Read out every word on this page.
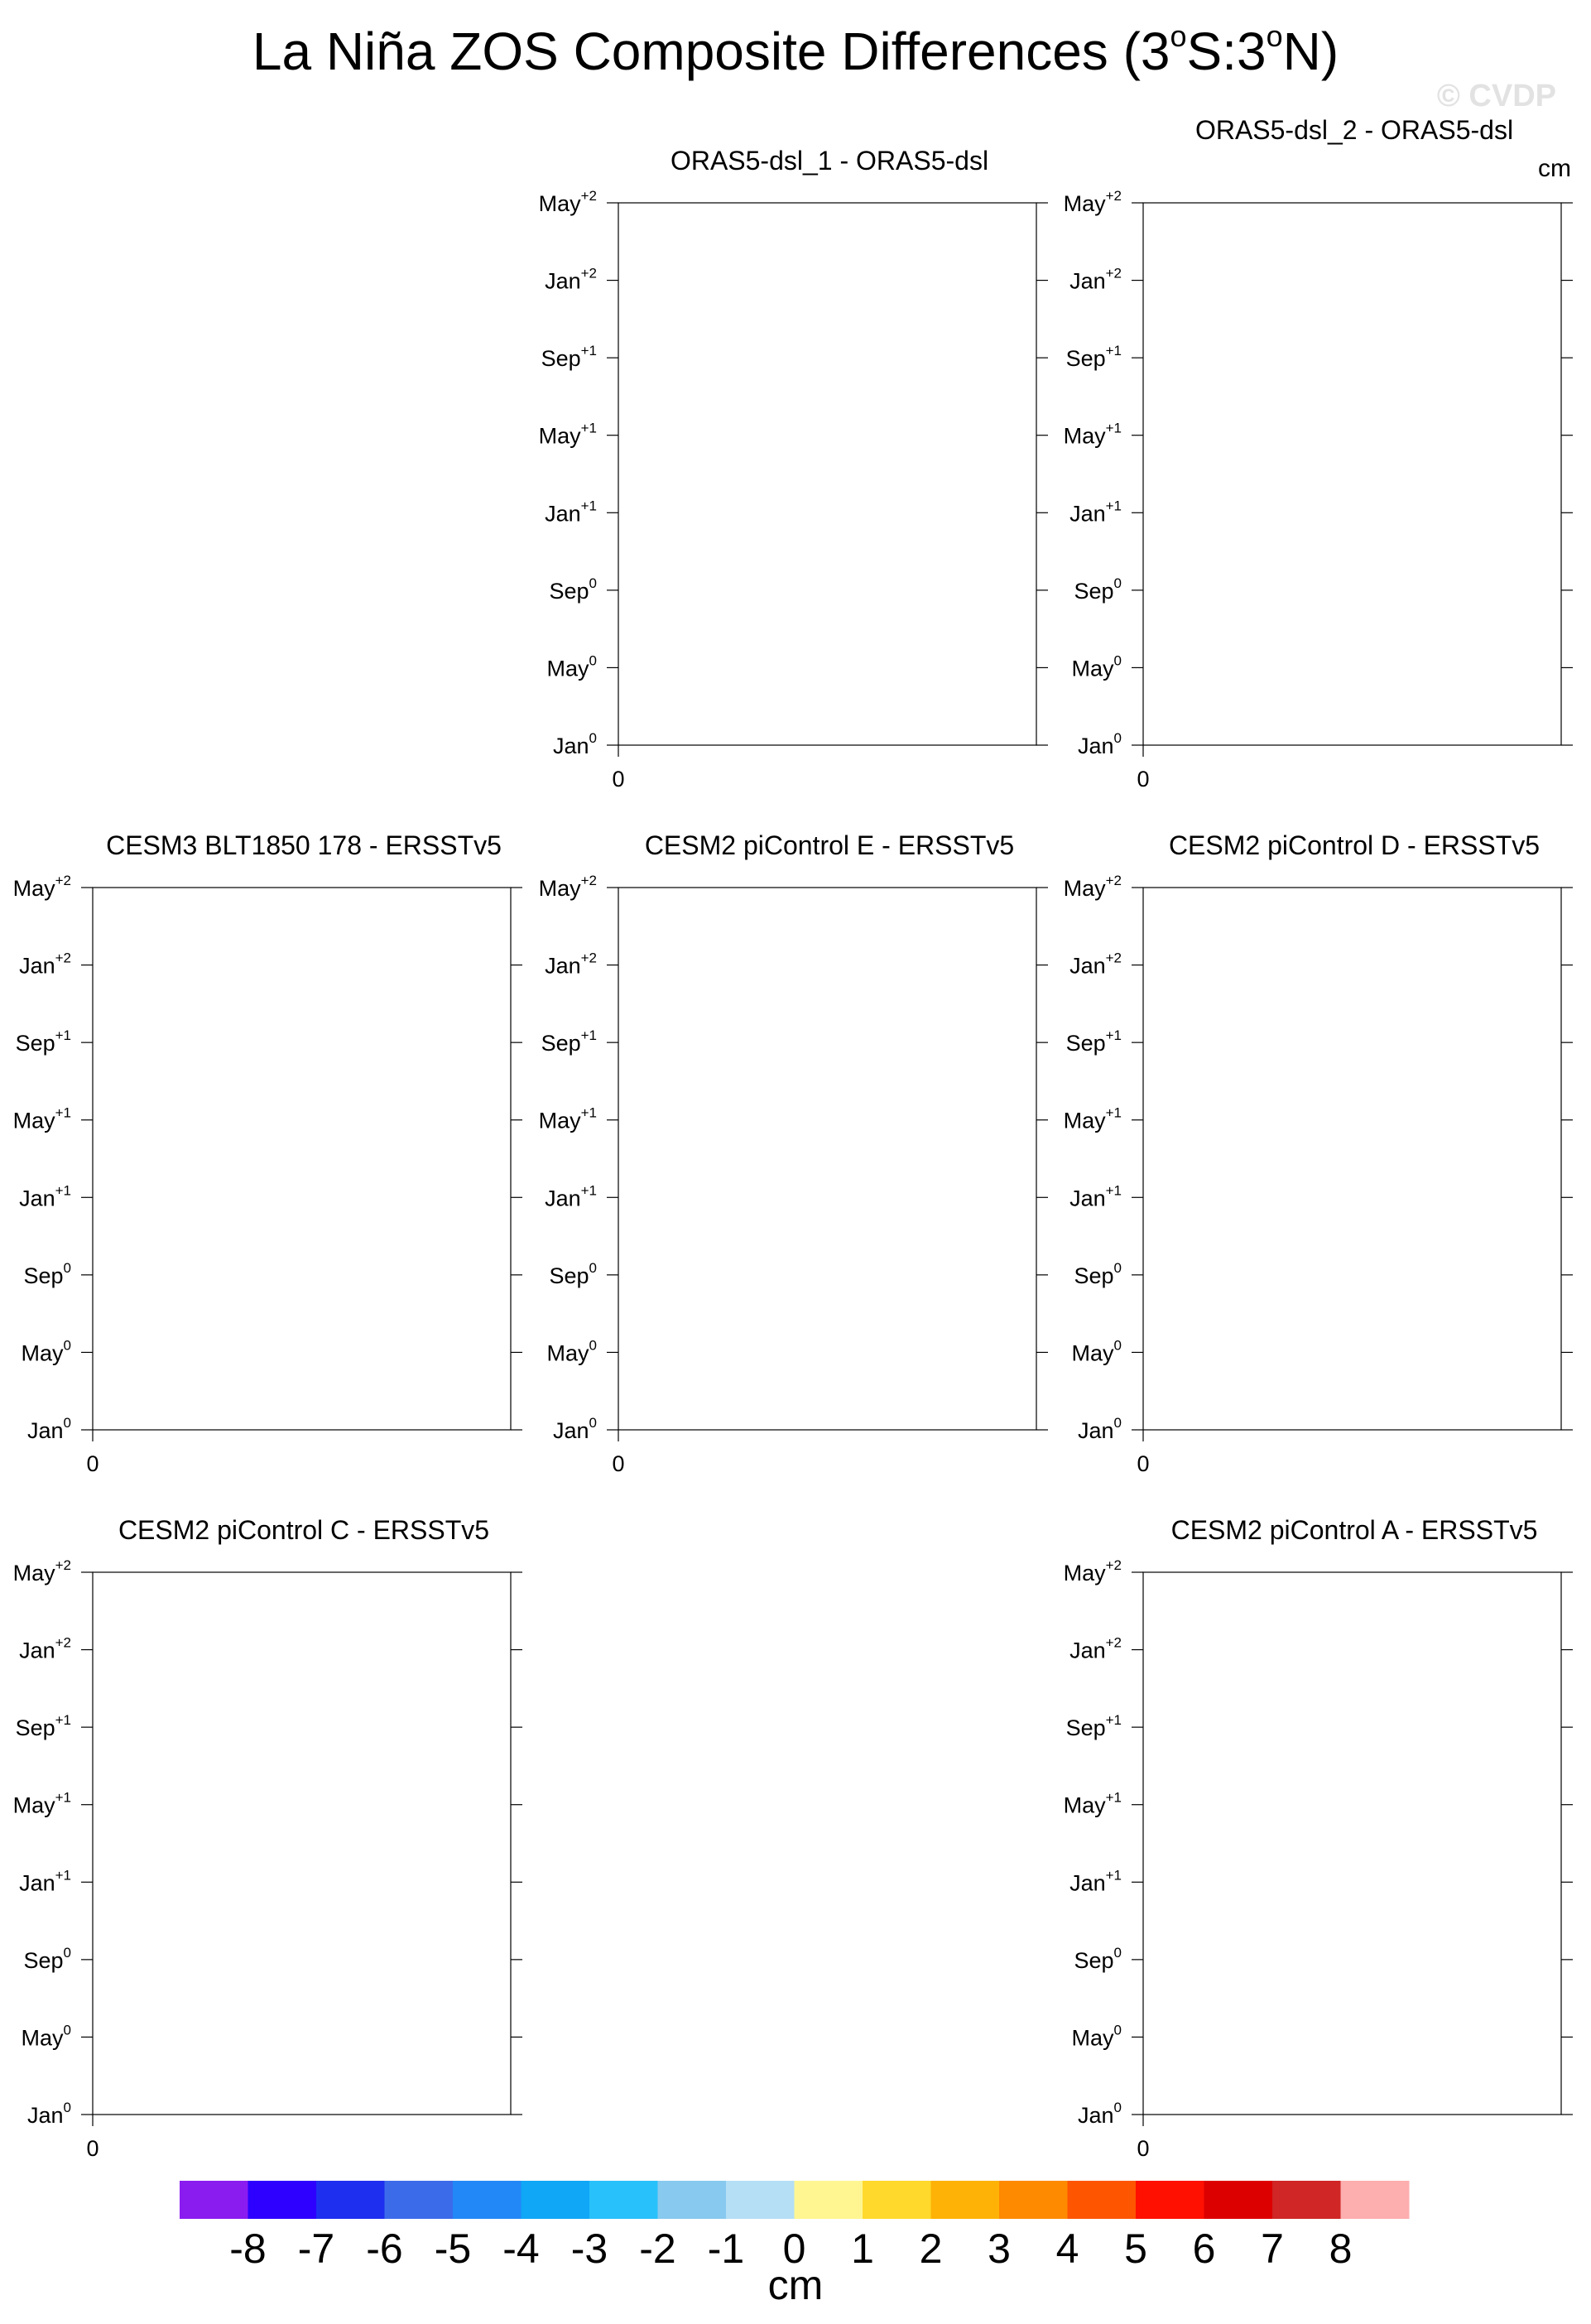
La Niña ZOS Composite Differences (3$^o$S:3$^o$N)
© CVDP
cm
ORAS5-dsl_1 - ORAS5-dsl
Jan$^0$
May$^0$
Sep$^0$
Jan$^{+1}$
May$^{+1}$
Sep$^{+1}$
Jan$^{+2}$
May$^{+2}$
0
ORAS5-dsl_2 - ORAS5-dsl
Jan$^0$
May$^0$
Sep$^0$
Jan$^{+1}$
May$^{+1}$
Sep$^{+1}$
Jan$^{+2}$
May$^{+2}$
0
CESM3 BLT1850 178 - ERSSTv5
Jan$^0$
May$^0$
Sep$^0$
Jan$^{+1}$
May$^{+1}$
Sep$^{+1}$
Jan$^{+2}$
May$^{+2}$
0
CESM2 piControl E - ERSSTv5
Jan$^0$
May$^0$
Sep$^0$
Jan$^{+1}$
May$^{+1}$
Sep$^{+1}$
Jan$^{+2}$
May$^{+2}$
0
CESM2 piControl D - ERSSTv5
Jan$^0$
May$^0$
Sep$^0$
Jan$^{+1}$
May$^{+1}$
Sep$^{+1}$
Jan$^{+2}$
May$^{+2}$
0
CESM2 piControl C - ERSSTv5
Jan$^0$
May$^0$
Sep$^0$
Jan$^{+1}$
May$^{+1}$
Sep$^{+1}$
Jan$^{+2}$
May$^{+2}$
0
CESM2 piControl A - ERSSTv5
Jan$^0$
May$^0$
Sep$^0$
Jan$^{+1}$
May$^{+1}$
Sep$^{+1}$
Jan$^{+2}$
May$^{+2}$
0
-8 -7 -6 -5 -4 -3 -2 -1 0 1 2 3 4 5 6 7 8
cm
